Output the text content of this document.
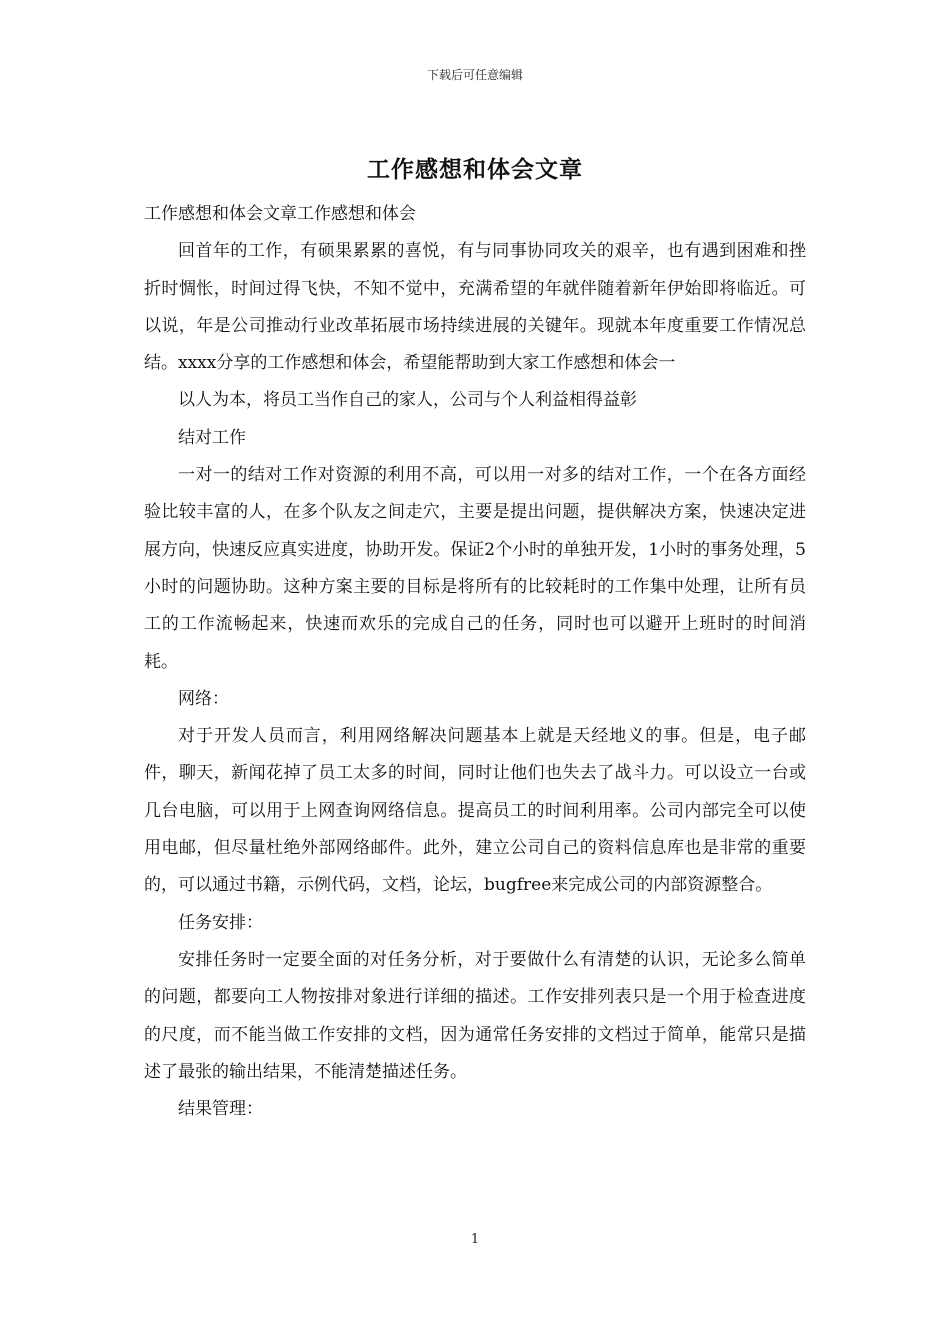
下载后可任意编辑
工作感想和体会文章

工作感想和体会文章工作感想和体会

回首年的工作，有硕果累累的喜悦，有与同事协同攻关的艰辛，也有遇到困难和挫折时惆怅，时间过得飞快，不知不觉中，充满希望的年就伴随着新年伊始即将临近。可以说，年是公司推动行业改革拓展市场持续进展的关键年。现就本年度重要工作情况总结。xxxx分享的工作感想和体会，希望能帮助到大家工作感想和体会一

以人为本，将员工当作自己的家人，公司与个人利益相得益彰

结对工作

一对一的结对工作对资源的利用不高，可以用一对多的结对工作，一个在各方面经验比较丰富的人，在多个队友之间走穴，主要是提出问题，提供解决方案，快速决定进展方向，快速反应真实进度，协助开发。保证2个小时的单独开发，1小时的事务处理，5小时的问题协助。这种方案主要的目标是将所有的比较耗时的工作集中处理，让所有员工的工作流畅起来，快速而欢乐的完成自己的任务，同时也可以避开上班时的时间消耗。

网络：

对于开发人员而言，利用网络解决问题基本上就是天经地义的事。但是，电子邮件，聊天，新闻花掉了员工太多的时间，同时让他们也失去了战斗力。可以设立一台或几台电脑，可以用于上网查询网络信息。提高员工的时间利用率。公司内部完全可以使用电邮，但尽量杜绝外部网络邮件。此外，建立公司自己的资料信息库也是非常的重要的，可以通过书籍，示例代码，文档，论坛，bugfree来完成公司的内部资源整合。

任务安排：

安排任务时一定要全面的对任务分析，对于要做什么有清楚的认识，无论多么简单的问题，都要向工人物按排对象进行详细的描述。工作安排列表只是一个用于检查进度的尺度，而不能当做工作安排的文档，因为通常任务安排的文档过于简单，能常只是描述了最张的输出结果，不能清楚描述任务。

结果管理：

1
